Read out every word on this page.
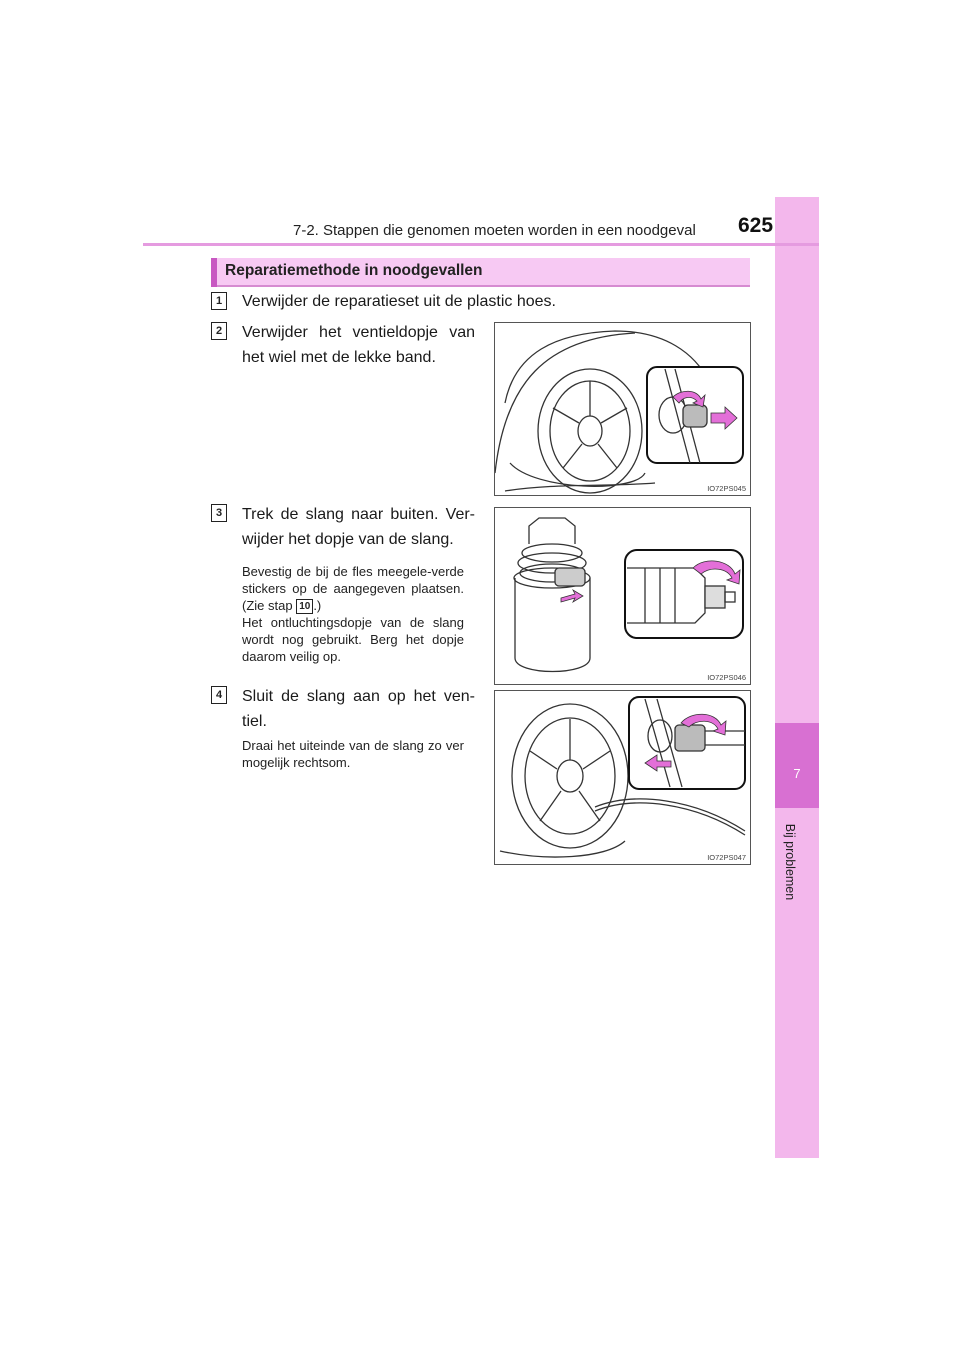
7
Bij problemen
7-2. Stappen die genomen moeten worden in een noodgeval 625
Reparatiemethode in noodgevallen
1	Verwijder de reparatieset uit de plastic hoes.
2	Verwijder het ventieldopje van het wiel met de lekke band.
IO72PS045
3	Trek de slang naar buiten. Ver-wijder het dopje van de slang.
Bevestig de bij de fles meegele-verde stickers op de aangegeven plaatsen. (Zie stap 10 .)
Het ontluchtingsdopje van de slang wordt nog gebruikt. Berg het dopje daarom veilig op.
IO72PS046
4	Sluit de slang aan op het ven-tiel.
Draai het uiteinde van de slang zo ver mogelijk rechtsom.
IO72PS047
